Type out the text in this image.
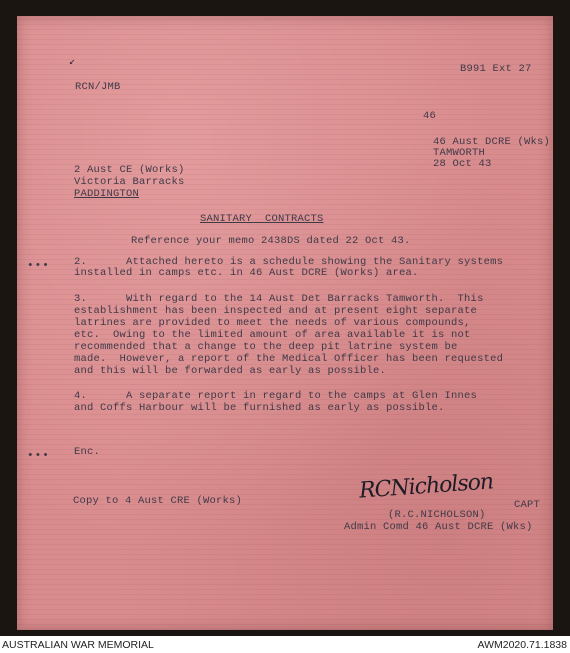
↙
B991 Ext 27
RCN/JMB
46
46 Aust DCRE (Wks)
TAMWORTH
28 Oct 43
2 Aust CE (Works)
Victoria Barracks
PADDINGTON
SANITARY  CONTRACTS
Reference your memo 2438DS dated 22 Oct 43.
••• 2.      Attached hereto is a schedule showing the Sanitary systems
installed in camps etc. in 46 Aust DCRE (Works) area.
3.      With regard to the 14 Aust Det Barracks Tamworth.  This
establishment has been inspected and at present eight separate
latrines are provided to meet the needs of various compounds,
etc.  Owing to the limited amount of area available it is not
recommended that a change to the deep pit latrine system be
made.  However, a report of the Medical Officer has been requested
and this will be forwarded as early as possible.
4.      A separate report in regard to the camps at Glen Innes
and Coffs Harbour will be furnished as early as possible.
••• Enc.
RCNicholson
CAPT
Copy to 4 Aust CRE (Works)
(R.C.NICHOLSON)
Admin Comd 46 Aust DCRE (Wks)
AUSTRALIAN WAR MEMORIAL	AWM2020.71.1838
